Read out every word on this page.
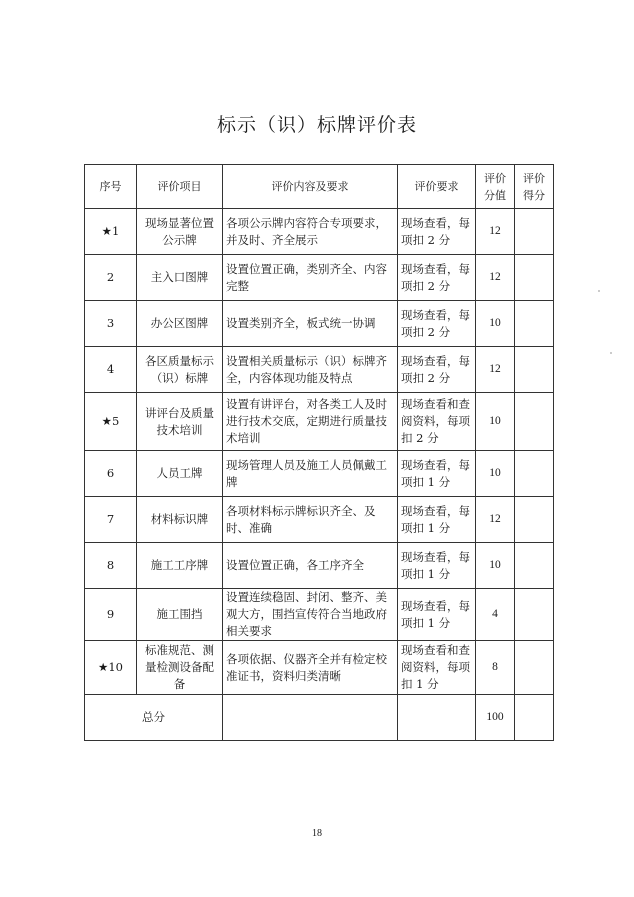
标示（识）标牌评价表
序号	评价项目	评价内容及要求	评价要求	评价分值	评价得分
★1	现场显著位置公示牌	各项公示牌内容符合专项要求，并及时、齐全展示	现场查看，每项扣 2 分	12	
2	主入口图牌	设置位置正确，类别齐全、内容完整	现场查看，每项扣 2 分	12	
3	办公区图牌	设置类别齐全，板式统一协调	现场查看，每项扣 2 分	10	
4	各区质量标示（识）标牌	设置相关质量标示（识）标牌齐全，内容体现功能及特点	现场查看，每项扣 2 分	12	
★5	讲评台及质量技术培训	设置有讲评台，对各类工人及时进行技术交底，定期进行质量技术培训	现场查看和查阅资料，每项扣 2 分	10	
6	人员工牌	现场管理人员及施工人员佩戴工牌	现场查看，每项扣 1 分	10	
7	材料标识牌	各项材料标示牌标识齐全、及时、准确	现场查看，每项扣 1 分	12	
8	施工工序牌	设置位置正确，各工序齐全	现场查看，每项扣 1 分	10	
9	施工围挡	设置连续稳固、封闭、整齐、美观大方，围挡宣传符合当地政府相关要求	现场查看，每项扣 1 分	4	
★10	标准规范、测量检测设备配备	各项依据、仪器齐全并有检定校准证书，资料归类清晰	现场查看和查阅资料，每项扣 1 分	8	
总分				100	
18
